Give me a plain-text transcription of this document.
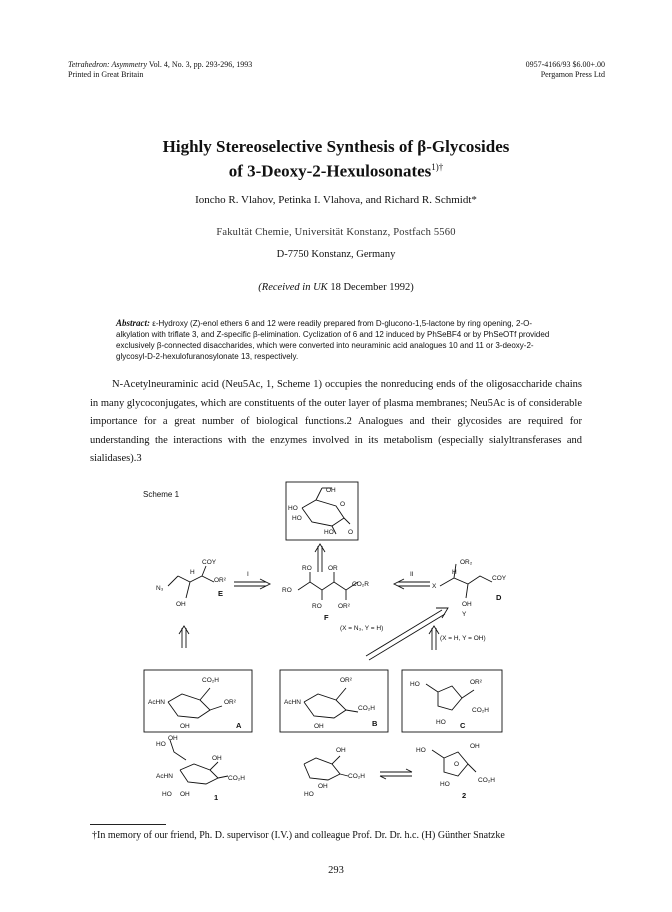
Tetrahedron: Asymmetry Vol. 4, No. 3, pp. 293-296, 1993
Printed in Great Britain
0957-4166/93 $6.00+.00
Pergamon Press Ltd
Highly Stereoselective Synthesis of β-Glycosides
of 3-Deoxy-2-Hexulosonates$^{1)\dagger}$
Ioncho R. Vlahov, Petinka I. Vlahova, and Richard R. Schmidt*
Fakultät Chemie, Universität Konstanz, Postfach 5560
D-7750 Konstanz, Germany
(Received in UK 18 December 1992)
Abstract: ε-Hydroxy (Z)-enol ethers 6 and 12 were readily prepared from D-glucono-1,5-lactone by ring opening, 2-O-alkylation with triflate 3, and Z-specific β-elimination. Cyclization of 6 and 12 induced by PhSeBF4 or by PhSeOTf provided exclusively β-connected disaccharides, which were converted into neuraminic acid analogues 10 and 11 or 3-deoxy-2-glycosyl-D-2-hexulofuranosylonate 13, respectively.
N-Acetylneuraminic acid (Neu5Ac, 1, Scheme 1) occupies the nonreducing ends of the oligosaccharide chains in many glycoconjugates, which are constituents of the outer layer of plasma membranes; Neu5Ac is of considerable importance for a great number of biological functions.2 Analogues and their glycosides are required for understanding the interactions with the enzymes involved in its metabolism (especially sialyltransferases and sialidases).3
Scheme 1	OH
HO
HO
HO
O
O
COY
H
OR²
N₃
OH
E
I
RO	OR
RO
CO₂R
RO	OR²
F
(X = N₃, Y = H)
II
OR₂
H
X
COY
OH
Y
D
(X = H, Y = OH)
CO₂H
AcHN	OR²
OH	A
OR²
AcHN
CO₂H
OH	B
HO	OR²
CO₂H
HO C
HO
OH
OH
AcHN	CO₂H
HO OH	1
OH
CO₂H
OH
HO
HO
OH
O
CO₂H
HO
2
†In memory of our friend, Ph. D. supervisor (I.V.) and colleague Prof. Dr. Dr. h.c. (H) Günther Snatzke
293
